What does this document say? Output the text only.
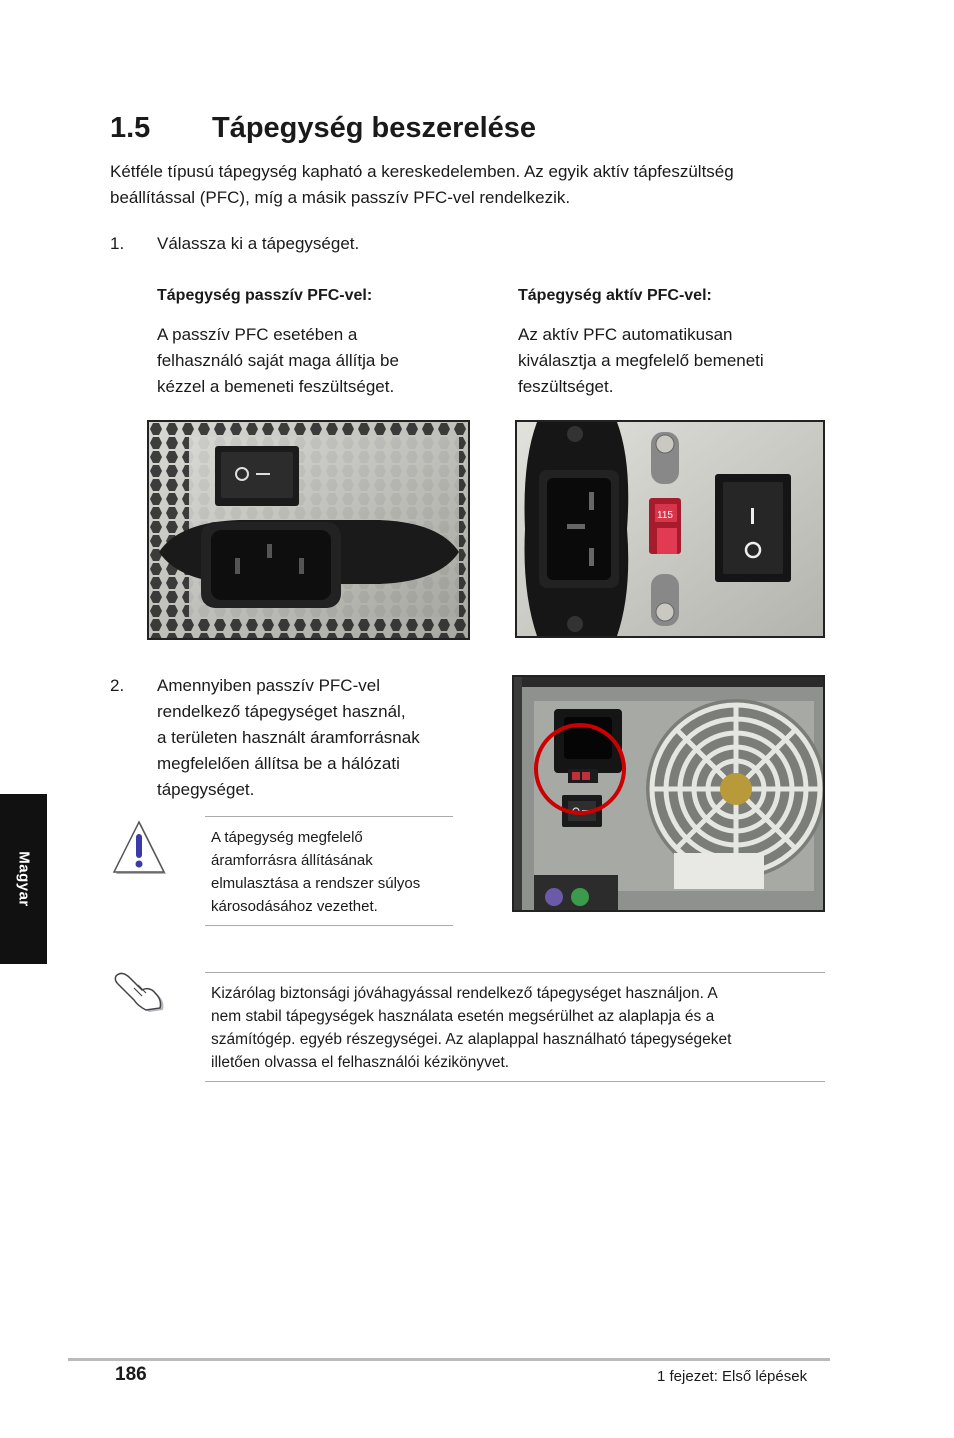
1.5 Tápegység beszerelése
Kétféle típusú tápegység kapható a kereskedelemben. Az egyik aktív tápfeszültség
beállítással (PFC), míg a másik passzív PFC-vel rendelkezik.
1. Válassza ki a tápegységet.
Tápegység passzív PFC-vel:
A passzív PFC esetében a
felhasználó saját maga állítja be
kézzel a bemeneti feszültséget.
Tápegység aktív PFC-vel:
Az aktív PFC automatikusan
kiválasztja a megfelelő bemeneti
feszültséget.
115
2. Amennyiben passzív PFC-vel
rendelkező tápegységet használ,
a területen használt áramforrásnak
megfelelően állítsa be a hálózati
tápegységet.
A tápegység megfelelő
áramforrásra állításának
elmulasztása a rendszer súlyos
károsodásához vezethet.
Magyar
Kizárólag biztonsági jóváhagyással rendelkező tápegységet használjon. A
nem stabil tápegységek használata esetén megsérülhet az alaplapja és a
számítógép. egyéb részegységei. Az alaplappal használható tápegységeket
illetően olvassa el felhasználói kézikönyvet.
186	1 fejezet: Első lépések
